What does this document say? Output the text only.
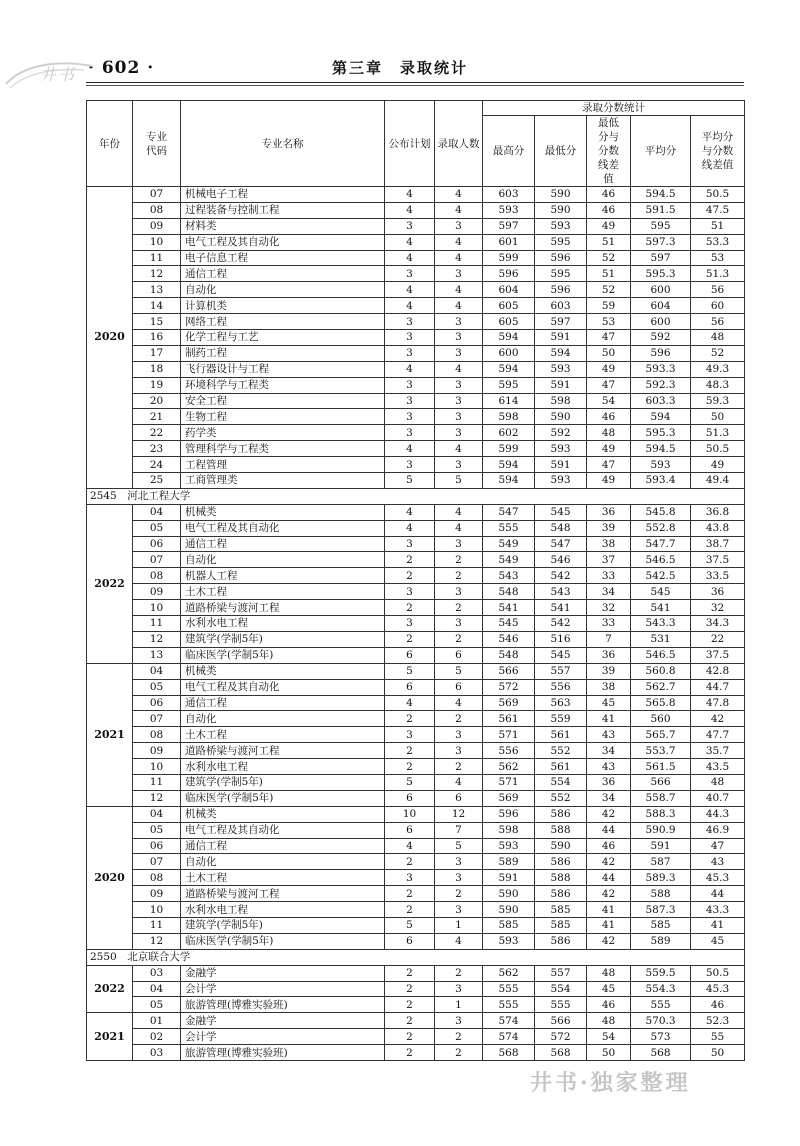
· 602 ·	第三章　录取统计
井书
年份	专业代码	专业名称	公布计划	录取人数	录取分数统计				
					最高分	最低分	最低分与分数线差值	平均分	平均分与分数线差值
2020	07	机械电子工程	4	4	603	590	46	594.5	50.5
	08	过程装备与控制工程	4	4	593	590	46	591.5	47.5
	09	材料类	3	3	597	593	49	595	51
	10	电气工程及其自动化	4	4	601	595	51	597.3	53.3
	11	电子信息工程	4	4	599	596	52	597	53
	12	通信工程	3	3	596	595	51	595.3	51.3
	13	自动化	4	4	604	596	52	600	56
	14	计算机类	4	4	605	603	59	604	60
	15	网络工程	3	3	605	597	53	600	56
	16	化学工程与工艺	3	3	594	591	47	592	48
	17	制药工程	3	3	600	594	50	596	52
	18	飞行器设计与工程	4	4	594	593	49	593.3	49.3
	19	环境科学与工程类	3	3	595	591	47	592.3	48.3
	20	安全工程	3	3	614	598	54	603.3	59.3
	21	生物工程	3	3	598	590	46	594	50
	22	药学类	3	3	602	592	48	595.3	51.3
	23	管理科学与工程类	4	4	599	593	49	594.5	50.5
	24	工程管理	3	3	594	591	47	593	49
	25	工商管理类	5	5	594	593	49	593.4	49.4
2545　河北工程大学									
2022	04	机械类	4	4	547	545	36	545.8	36.8
	05	电气工程及其自动化	4	4	555	548	39	552.8	43.8
	06	通信工程	3	3	549	547	38	547.7	38.7
	07	自动化	2	2	549	546	37	546.5	37.5
	08	机器人工程	2	2	543	542	33	542.5	33.5
	09	土木工程	3	3	548	543	34	545	36
	10	道路桥梁与渡河工程	2	2	541	541	32	541	32
	11	水利水电工程	3	3	545	542	33	543.3	34.3
	12	建筑学(学制5年)	2	2	546	516	7	531	22
	13	临床医学(学制5年)	6	6	548	545	36	546.5	37.5
2021	04	机械类	5	5	566	557	39	560.8	42.8
	05	电气工程及其自动化	6	6	572	556	38	562.7	44.7
	06	通信工程	4	4	569	563	45	565.8	47.8
	07	自动化	2	2	561	559	41	560	42
	08	土木工程	3	3	571	561	43	565.7	47.7
	09	道路桥梁与渡河工程	2	3	556	552	34	553.7	35.7
	10	水利水电工程	2	2	562	561	43	561.5	43.5
	11	建筑学(学制5年)	5	4	571	554	36	566	48
	12	临床医学(学制5年)	6	6	569	552	34	558.7	40.7
2020	04	机械类	10	12	596	586	42	588.3	44.3
	05	电气工程及其自动化	6	7	598	588	44	590.9	46.9
	06	通信工程	4	5	593	590	46	591	47
	07	自动化	2	3	589	586	42	587	43
	08	土木工程	3	3	591	588	44	589.3	45.3
	09	道路桥梁与渡河工程	2	2	590	586	42	588	44
	10	水利水电工程	2	3	590	585	41	587.3	43.3
	11	建筑学(学制5年)	5	1	585	585	41	585	41
	12	临床医学(学制5年)	6	4	593	586	42	589	45
2550　北京联合大学									
2022	03	金融学	2	2	562	557	48	559.5	50.5
	04	会计学	2	3	555	554	45	554.3	45.3
	05	旅游管理(博雅实验班)	2	1	555	555	46	555	46
2021	01	金融学	2	3	574	566	48	570.3	52.3
	02	会计学	2	2	574	572	54	573	55
	03	旅游管理(博雅实验班)	2	2	568	568	50	568	50
井书·独家整理
